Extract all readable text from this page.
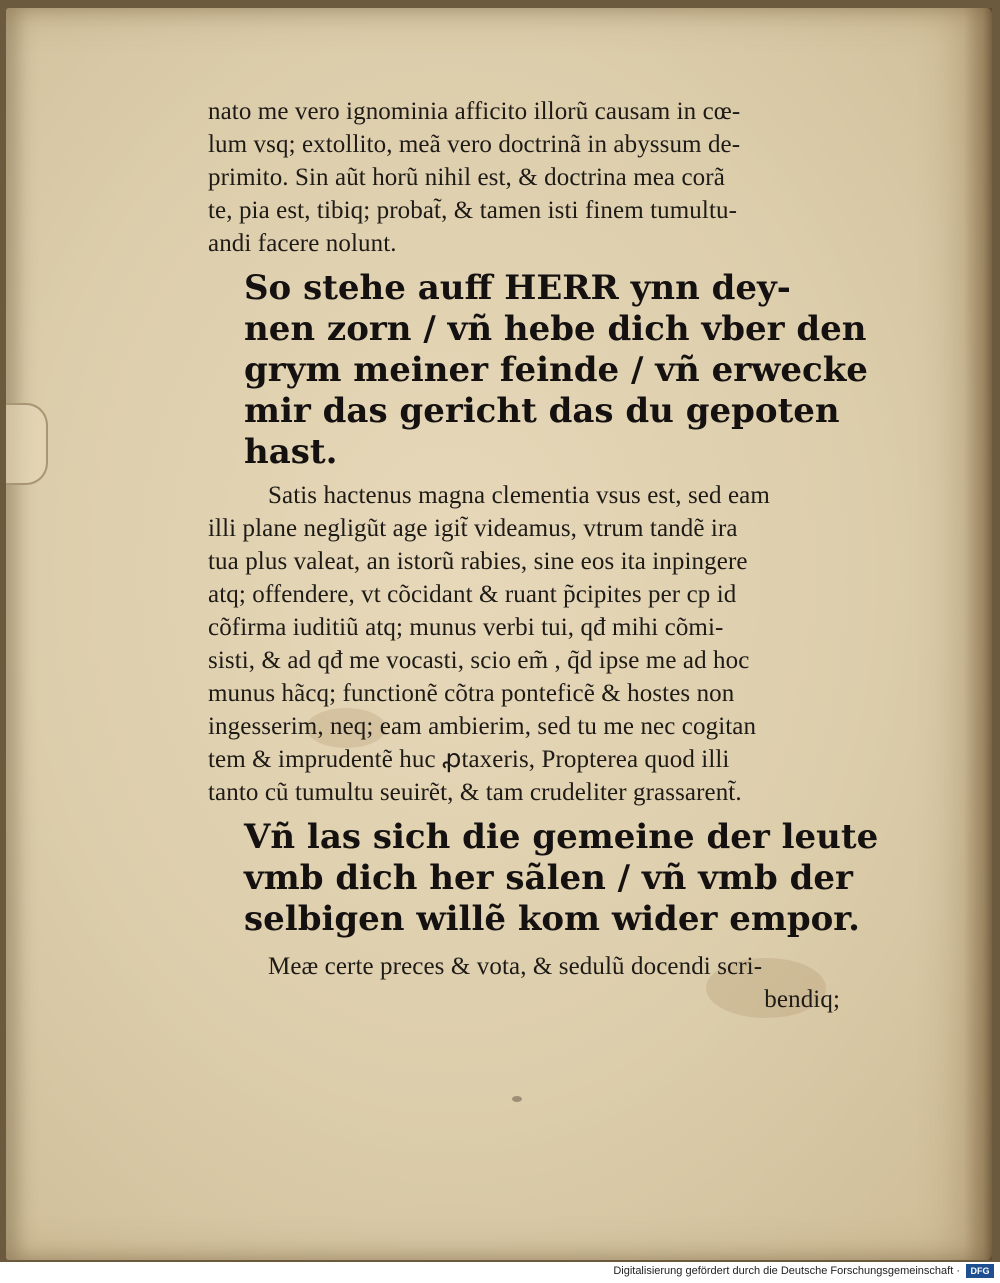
nato me vero ignominia afficito illorũ causam in cœ-
lum vsq; extollito, meã vero doctrinã in abyssum de-
primito. Sin aũt horũ nihil est, & doctrina mea corã
te, pia est, tibiq; probat̃, & tamen isti finem tumultu-
andi facere nolunt.
So stehe auff HERR ynn dey-
nen zorn / vñ hebe dich vber den
grym meiner feinde / vñ erwecke
mir das gericht das du gepoten
hast.
Satis hactenus magna clementia vsus est, sed eam
illi plane negligũt age igit̃ videamus, vtrum tandẽ ira
tua plus valeat, an istorũ rabies, sine eos ita inpingere
atq; offendere, vt cõcidant & ruant p̃cipites per cp id
cõfirma iuditiũ atq; munus verbi tui, qđ mihi cõmi-
sisti, & ad qđ me vocasti, scio em̃ , q̃d ipse me ad hoc
munus hãcq; functionẽ cõtra ponteficẽ & hostes non
ingesserim, neq; eam ambierim, sed tu me nec cogitan
tem & imprudentẽ huc ꝓtaxeris, Propterea quod illi
tanto cũ tumultu seuirẽt, & tam crudeliter grassarent̃.
Vñ las sich die gemeine der leute
vmb dich her sãlen / vñ vmb der
selbigen willẽ kom wider empor.
Meæ certe preces & vota, & sedulũ docendi scri-
bendiq;
Digitalisierung gefördert durch die Deutsche Forschungsgemeinschaft ·	DFG
